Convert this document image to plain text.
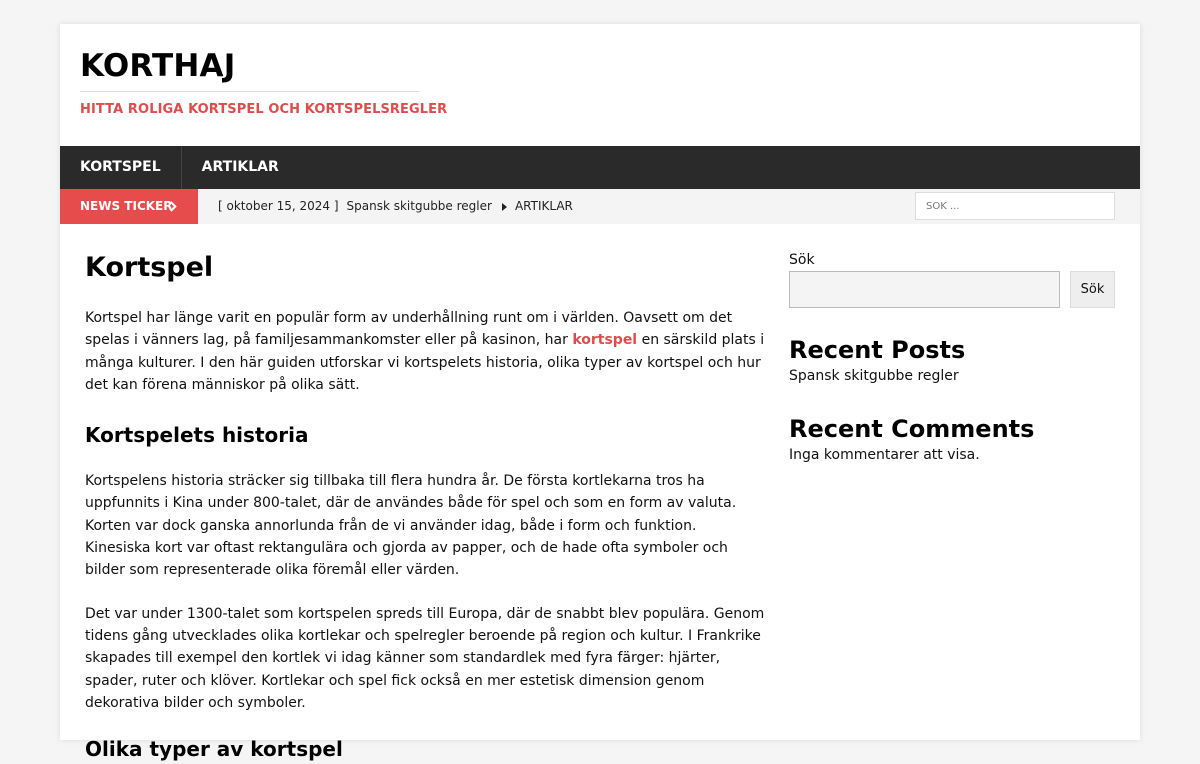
KORTHAJ

HITTA ROLIGA KORTSPEL OCH KORTSPELSREGLER

KORTSPEL	ARTIKLAR
NEWS TICKER	[ oktober 15, 2024 ] Spansk skitgubbe regler ARTIKLAR
SÖK ...
Kortspel

Kortspel har länge varit en populär form av underhållning runt om i världen. Oavsett om det spelas i vänners lag, på familjesammankomster eller på kasinon, har kortspel en särskild plats i många kulturer. I den här guiden utforskar vi kortspelets historia, olika typer av kortspel och hur det kan förena människor på olika sätt.

Kortspelets historia

Kortspelens historia sträcker sig tillbaka till flera hundra år. De första kortlekarna tros ha uppfunnits i Kina under 800-talet, där de användes både för spel och som en form av valuta. Korten var dock ganska annorlunda från de vi använder idag, både i form och funktion. Kinesiska kort var oftast rektangulära och gjorda av papper, och de hade ofta symboler och bilder som representerade olika föremål eller värden.

Det var under 1300-talet som kortspelen spreds till Europa, där de snabbt blev populära. Genom tidens gång utvecklades olika kortlekar och spelregler beroende på region och kultur. I Frankrike skapades till exempel den kortlek vi idag känner som standardlek med fyra färger: hjärter, spader, ruter och klöver. Kortlekar och spel fick också en mer estetisk dimension genom dekorativa bilder och symboler.

Olika typer av kortspel
Sök
Sök
Recent Posts

Spansk skitgubbe regler

Recent Comments

Inga kommentarer att visa.
